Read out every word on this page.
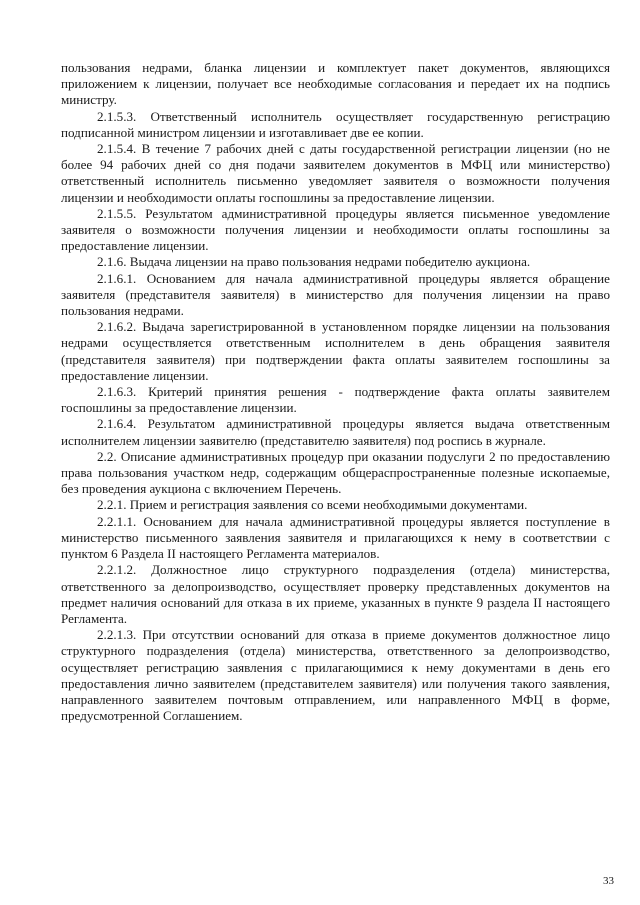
пользования недрами, бланка лицензии и комплектует пакет документов, являющихся приложением к лицензии, получает все необходимые согласования и передает их на подпись министру.

2.1.5.3. Ответственный исполнитель осуществляет государственную регистрацию подписанной министром лицензии и изготавливает две ее копии.

2.1.5.4. В течение 7 рабочих дней с даты государственной регистрации лицензии (но не более 94 рабочих дней со дня подачи заявителем документов в МФЦ или министерство) ответственный исполнитель письменно уведомляет заявителя о возможности получения лицензии и необходимости оплаты госпошлины за предоставление лицензии.

2.1.5.5. Результатом административной процедуры является письменное уведомление заявителя о возможности получения лицензии и необходимости оплаты госпошлины за предоставление лицензии.

2.1.6. Выдача лицензии на право пользования недрами победителю аукциона.

2.1.6.1. Основанием для начала административной процедуры является обращение заявителя (представителя заявителя) в министерство для получения лицензии на право пользования недрами.

2.1.6.2. Выдача зарегистрированной в установленном порядке лицензии на пользования недрами осуществляется ответственным исполнителем в день обращения заявителя (представителя заявителя) при подтверждении факта оплаты заявителем госпошлины за предоставление лицензии.

2.1.6.3. Критерий принятия решения - подтверждение факта оплаты заявителем госпошлины за предоставление лицензии.

2.1.6.4. Результатом административной процедуры является выдача ответственным исполнителем лицензии заявителю (представителю заявителя) под роспись в журнале.

2.2. Описание административных процедур при оказании подуслуги 2 по предоставлению права пользования участком недр, содержащим общераспространенные полезные ископаемые, без проведения аукциона с включением Перечень.

2.2.1. Прием и регистрация заявления со всеми необходимыми документами.

2.2.1.1. Основанием для начала административной процедуры является поступление в министерство письменного заявления заявителя и прилагающихся к нему в соответствии с пунктом 6 Раздела II настоящего Регламента материалов.

2.2.1.2. Должностное лицо структурного подразделения (отдела) министерства, ответственного за делопроизводство, осуществляет проверку представленных документов на предмет наличия оснований для отказа в их приеме, указанных в пункте 9 раздела II настоящего Регламента.

2.2.1.3. При отсутствии оснований для отказа в приеме документов должностное лицо структурного подразделения (отдела) министерства, ответственного за делопроизводство, осуществляет регистрацию заявления с прилагающимися к нему документами в день его предоставления лично заявителем (представителем заявителя) или получения такого заявления, направленного заявителем почтовым отправлением, или направленного МФЦ в форме, предусмотренной Соглашением.

33
